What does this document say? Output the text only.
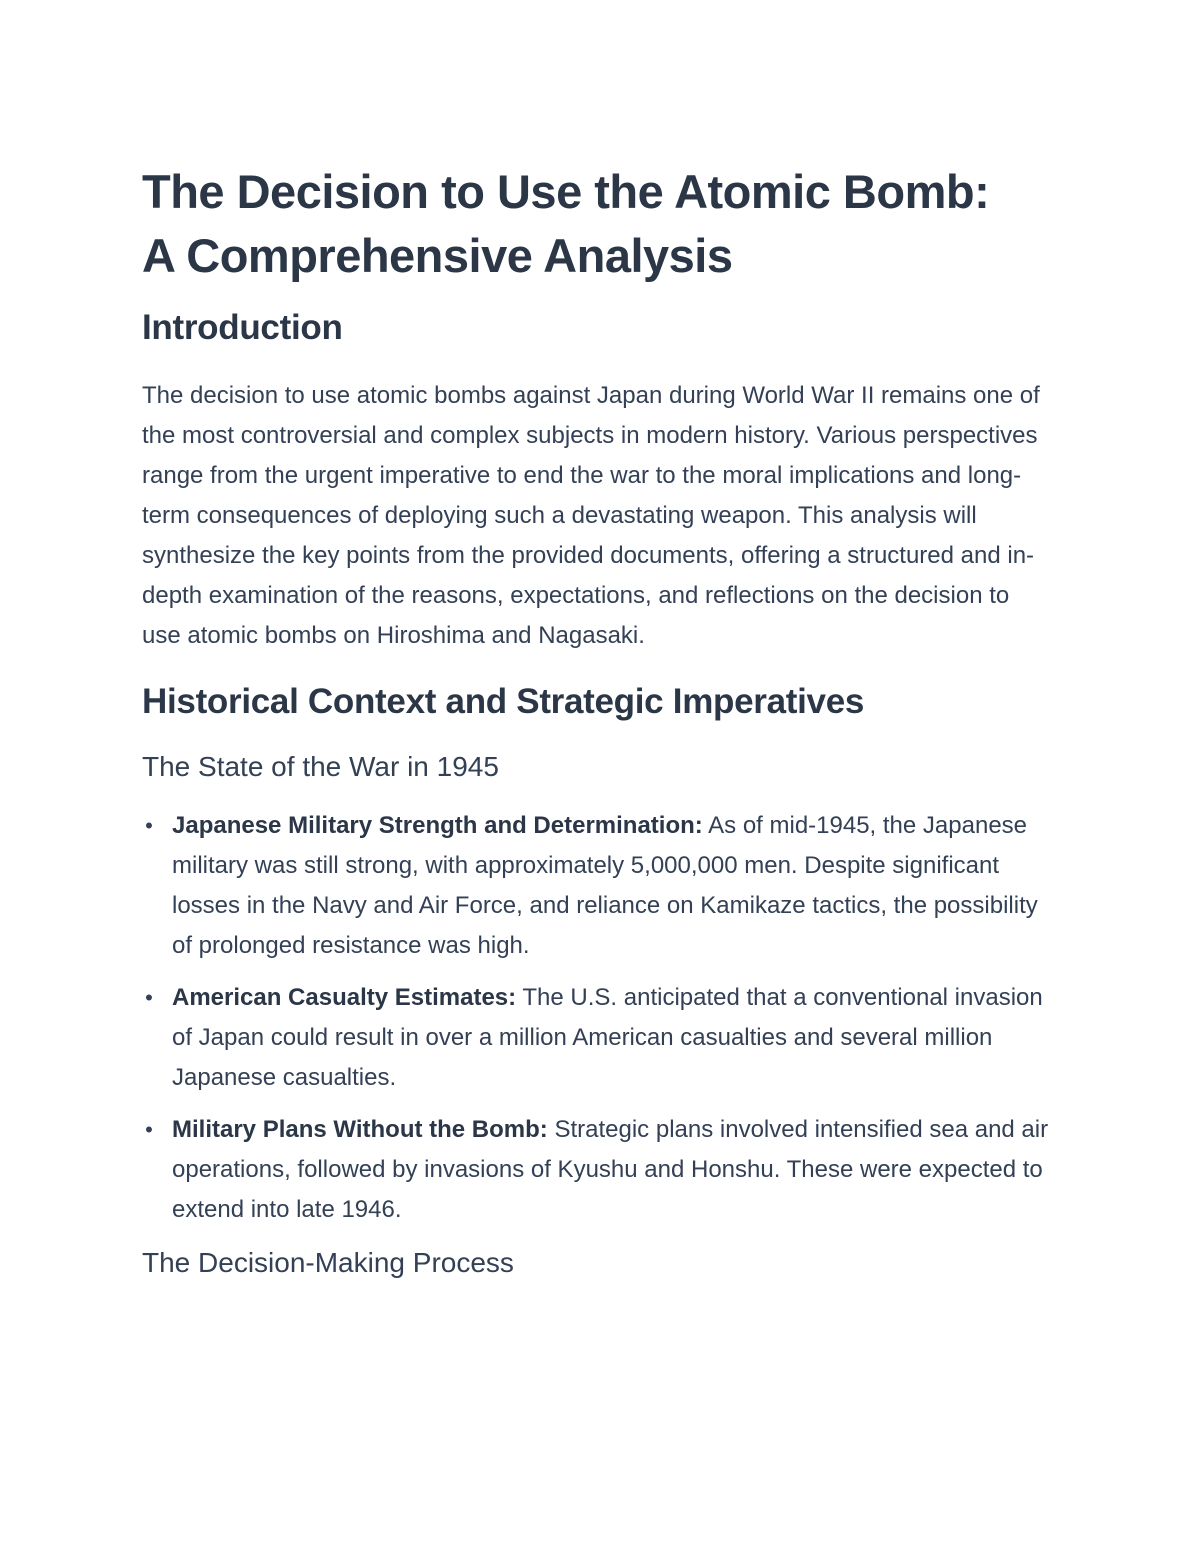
The Decision to Use the Atomic Bomb:
A Comprehensive Analysis
Introduction

The decision to use atomic bombs against Japan during World War II remains one of the most controversial and complex subjects in modern history. Various perspectives range from the urgent imperative to end the war to the moral implications and long-term consequences of deploying such a devastating weapon. This analysis will synthesize the key points from the provided documents, offering a structured and in-depth examination of the reasons, expectations, and reflections on the decision to use atomic bombs on Hiroshima and Nagasaki.

Historical Context and Strategic Imperatives
The State of the War in 1945
• Japanese Military Strength and Determination: As of mid-1945, the Japanese military was still strong, with approximately 5,000,000 men. Despite significant losses in the Navy and Air Force, and reliance on Kamikaze tactics, the possibility of prolonged resistance was high.
• American Casualty Estimates: The U.S. anticipated that a conventional invasion of Japan could result in over a million American casualties and several million Japanese casualties.
• Military Plans Without the Bomb: Strategic plans involved intensified sea and air operations, followed by invasions of Kyushu and Honshu. These were expected to extend into late 1946.
The Decision-Making Process
